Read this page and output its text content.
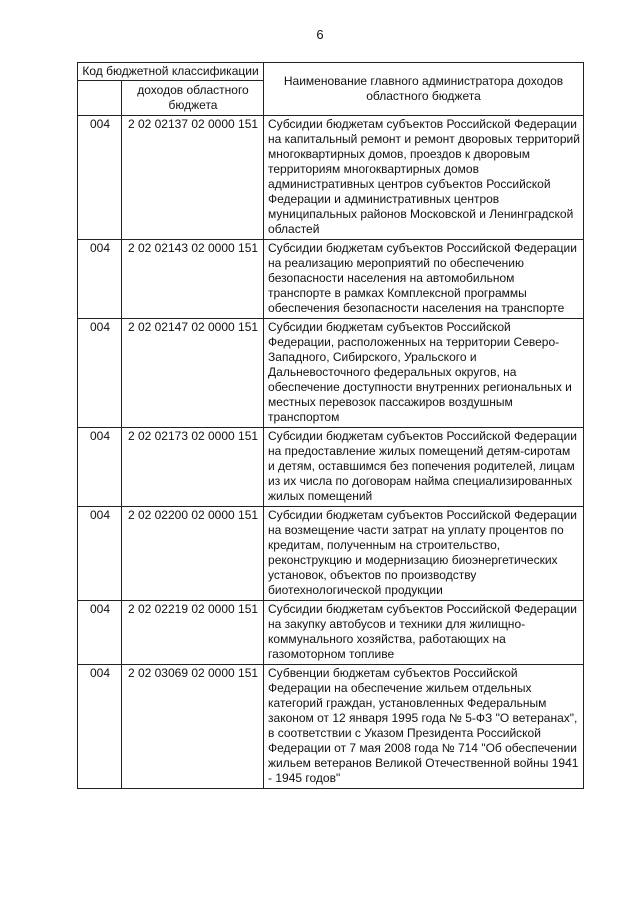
6
Код бюджетной классификации		Наименование главного администратора доходов областного бюджета
	доходов областного бюджета	
004	2 02 02137 02 0000 151	Субсидии бюджетам субъектов Российской Федерации на капитальный ремонт и ремонт дворовых территорий многоквартирных домов, проездов к дворовым территориям многоквартирных домов административных центров субъектов Российской Федерации и административных центров муниципальных районов Московской и Ленинградской областей
004	2 02 02143 02 0000 151	Субсидии бюджетам субъектов Российской Федерации на реализацию мероприятий по обеспечению безопасности населения на автомобильном транспорте в рамках Комплексной программы обеспечения безопасности населения на транспорте
004	2 02 02147 02 0000 151	Субсидии бюджетам субъектов Российской Федерации, расположенных на территории Северо-Западного, Сибирского, Уральского и Дальневосточного федеральных округов, на обеспечение доступности внутренних региональных и местных перевозок пассажиров воздушным транспортом
004	2 02 02173 02 0000 151	Субсидии бюджетам субъектов Российской Федерации на предоставление жилых помещений детям-сиротам и детям, оставшимся без попечения родителей, лицам из их числа по договорам найма специализированных жилых помещений
004	2 02 02200 02 0000 151	Субсидии бюджетам субъектов Российской Федерации на возмещение части затрат на уплату процентов по кредитам, полученным на строительство, реконструкцию и модернизацию биоэнергетических установок, объектов по производству биотехнологической продукции
004	2 02 02219 02 0000 151	Субсидии бюджетам субъектов Российской Федерации на закупку автобусов и техники для жилищно-коммунального хозяйства, работающих на газомоторном топливе
004	2 02 03069 02 0000 151	Субвенции бюджетам субъектов Российской Федерации на обеспечение жильем отдельных категорий граждан, установленных Федеральным законом от 12 января 1995 года № 5-ФЗ "О ветеранах", в соответствии с Указом Президента Российской Федерации от 7 мая 2008 года № 714 "Об обеспечении жильем ветеранов Великой Отечественной войны 1941 - 1945 годов"
